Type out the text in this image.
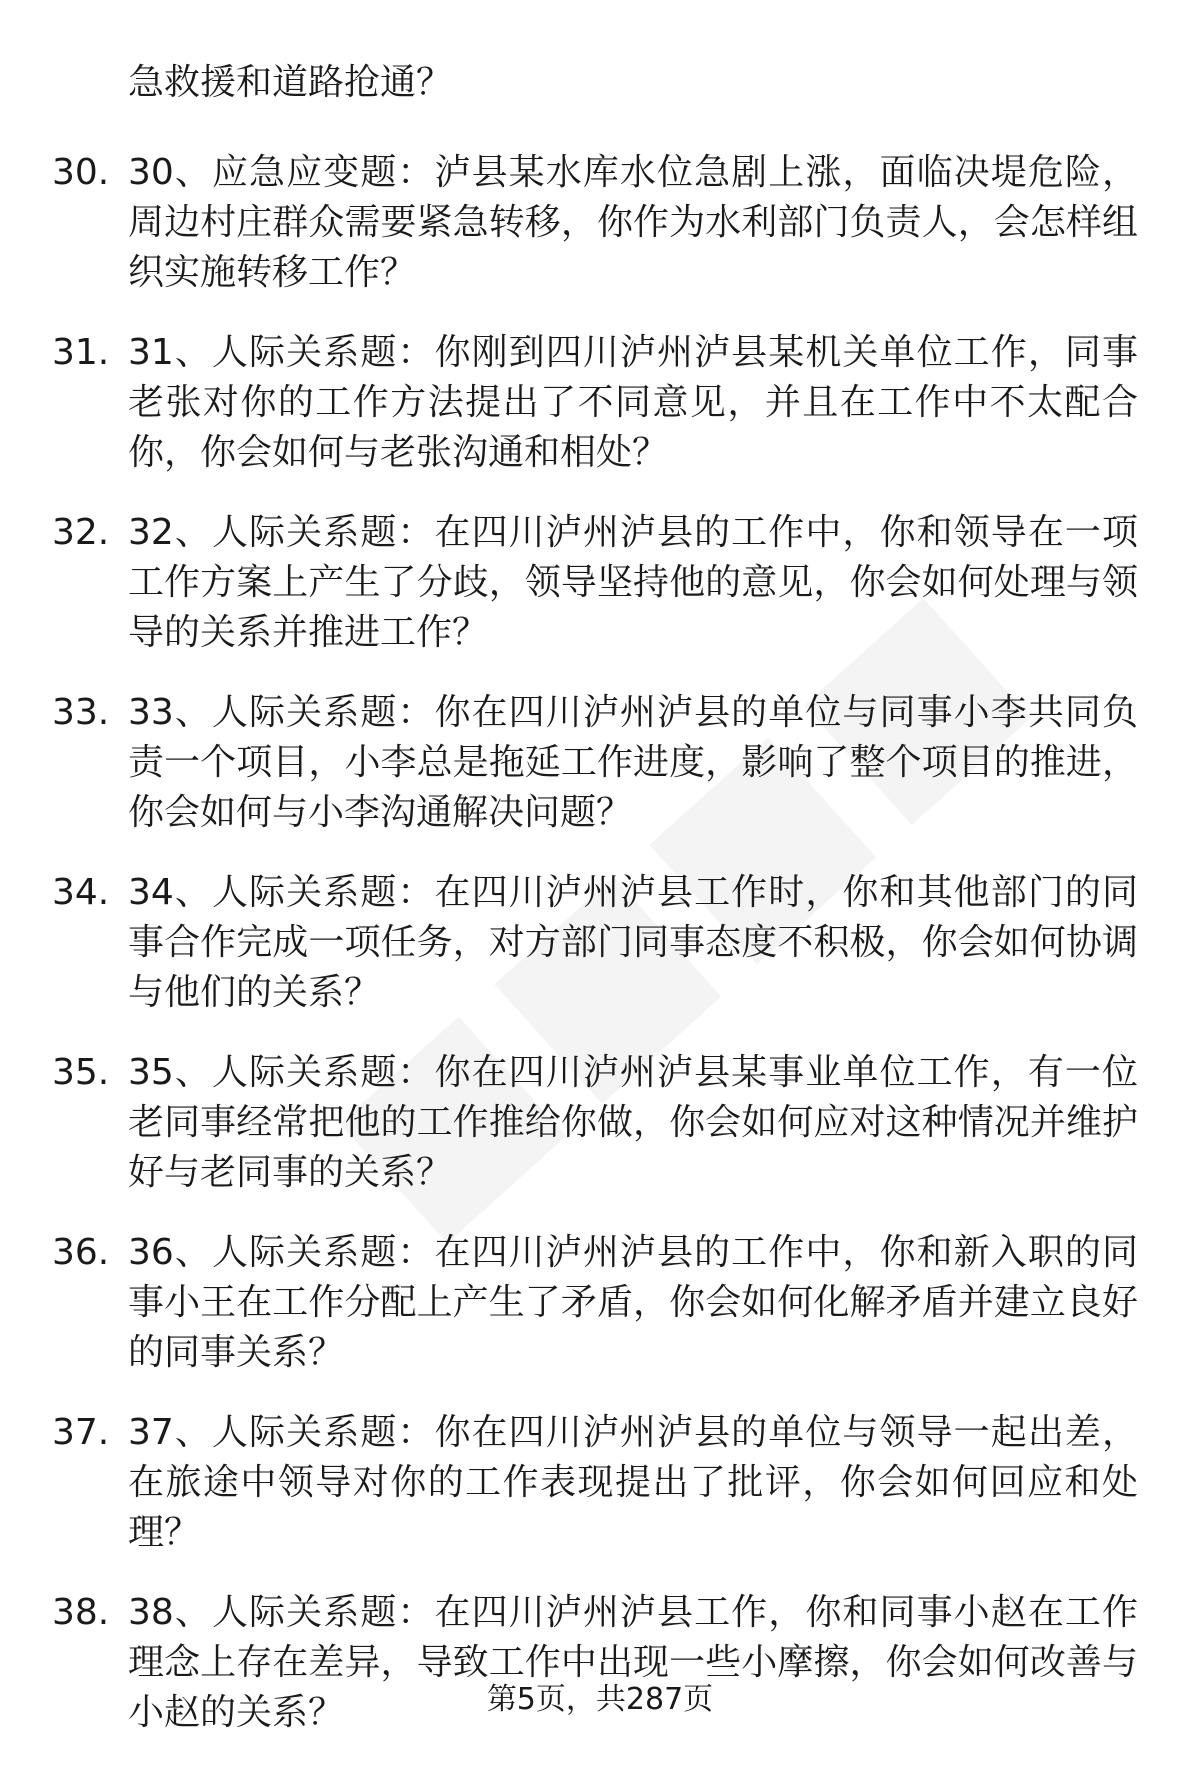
急救援和道路抢通？
30. 30、应急应变题：泸县某水库水位急剧上涨，面临决堤危险，周边村庄群众需要紧急转移，你作为水利部门负责人，会怎样组织实施转移工作？
31. 31、人际关系题：你刚到四川泸州泸县某机关单位工作，同事老张对你的工作方法提出了不同意见，并且在工作中不太配合你，你会如何与老张沟通和相处？
32. 32、人际关系题：在四川泸州泸县的工作中，你和领导在一项工作方案上产生了分歧，领导坚持他的意见，你会如何处理与领导的关系并推进工作？
33. 33、人际关系题：你在四川泸州泸县的单位与同事小李共同负责一个项目，小李总是拖延工作进度，影响了整个项目的推进，你会如何与小李沟通解决问题？
34. 34、人际关系题：在四川泸州泸县工作时，你和其他部门的同事合作完成一项任务，对方部门同事态度不积极，你会如何协调与他们的关系？
35. 35、人际关系题：你在四川泸州泸县某事业单位工作，有一位老同事经常把他的工作推给你做，你会如何应对这种情况并维护好与老同事的关系？
36. 36、人际关系题：在四川泸州泸县的工作中，你和新入职的同事小王在工作分配上产生了矛盾，你会如何化解矛盾并建立良好的同事关系？
37. 37、人际关系题：你在四川泸州泸县的单位与领导一起出差，在旅途中领导对你的工作表现提出了批评，你会如何回应和处理？
38. 38、人际关系题：在四川泸州泸县工作，你和同事小赵在工作理念上存在差异，导致工作中出现一些小摩擦，你会如何改善与小赵的关系？	第5页，共287页
